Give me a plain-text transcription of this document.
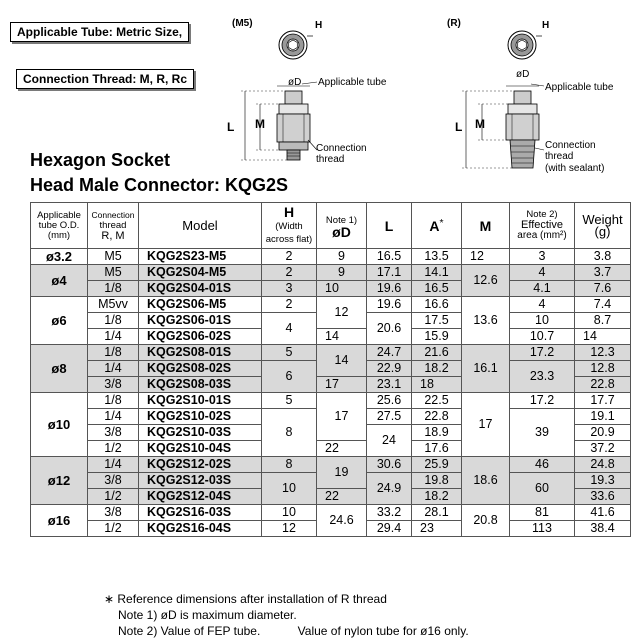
Applicable Tube: Metric Size,
Connection Thread: M, R, Rc
(M5)	H
øD Applicable tube
L M
Connection
thread
(R)	H
øD
Applicable tube
L M
Connection
thread
(with sealant)
Hexagon Socket
Head Male Connector: KQG2S
Applicable
tube O.D.
(mm)	Connection
thread
R, M	Model	H
(Width
across flat)	Note 1)
øD	L	A*	M	Note 2)
Effective
area (mm²)	Weight
(g)
ø3.2	M5	KQG2S23-M5	2	9	16.5	13.5	12	3	3.8
ø4	M5	KQG2S04-M5	2	9	17.1	14.1	12.6	4	3.7
	1/8	KQG2S04-01S	3	10	19.6	16.5		4.1	7.6
ø6	M5vv	KQG2S06-M5	2	12	19.6	16.6	13.6	4	7.4
	1/8	KQG2S06-01S	4		20.6	17.5		10	8.7
	1/4	KQG2S06-02S		14		15.9		10.7	14
ø8	1/8	KQG2S08-01S	5	14	24.7	21.6	16.1	17.2	12.3
	1/4	KQG2S08-02S	6		22.9	18.2		23.3	12.8
	3/8	KQG2S08-03S		17	23.1	18			22.8
ø10	1/8	KQG2S10-01S	5	17	25.6	22.5	17	17.2	17.7
	1/4	KQG2S10-02S	8		27.5	22.8		39	19.1
	3/8	KQG2S10-03S			24	18.9			20.9
	1/2	KQG2S10-04S		22		17.6			37.2
ø12	1/4	KQG2S12-02S	8	19	30.6	25.9	18.6	46	24.8
	3/8	KQG2S12-03S	10		24.9	19.8		60	19.3
	1/2	KQG2S12-04S		22		18.2			33.6
ø16	3/8	KQG2S16-03S	10	24.6	33.2	28.1	20.8	81	41.6
	1/2	KQG2S16-04S	12		29.4	23		113	38.4
∗ Reference dimensions after installation of R thread
Note 1) øD is maximum diameter.
Note 2) Value of FEP tube.	Value of nylon tube for ø16 only.
